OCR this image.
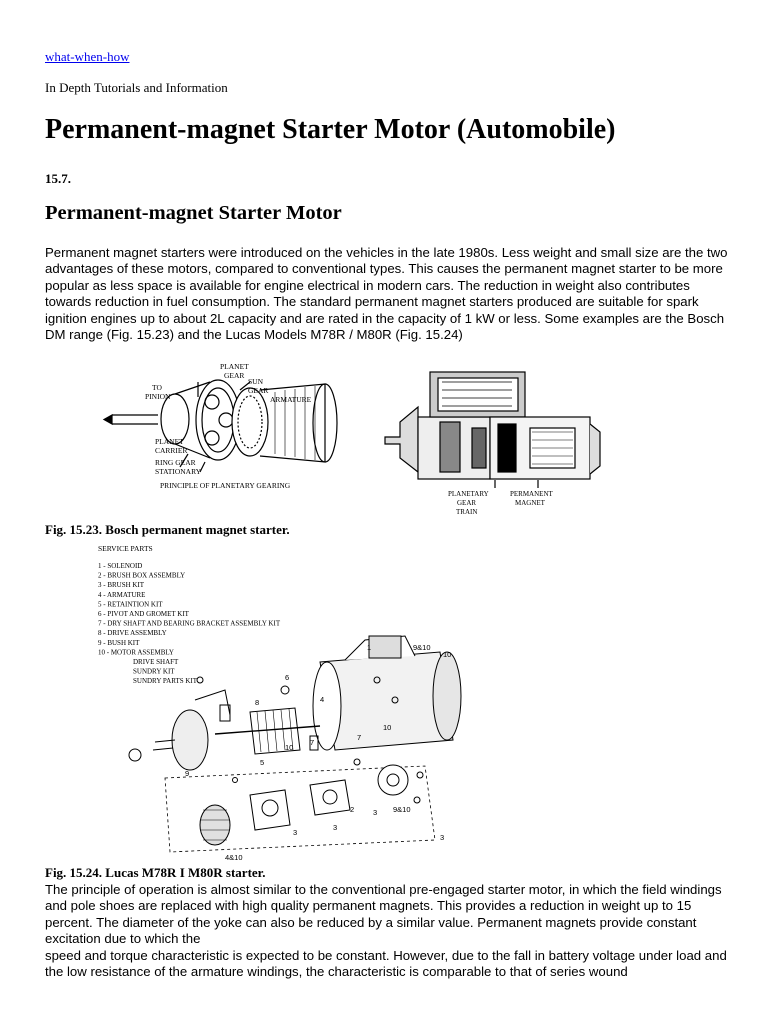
what-when-how
In Depth Tutorials and Information
Permanent-magnet Starter Motor (Automobile)
15.7.
Permanent-magnet Starter Motor

Permanent magnet starters were introduced on the vehicles in the late 1980s. Less weight and small size are the two advantages of these motors, compared to conventional types. This causes the permanent magnet starter to be more popular as less space is available for engine electrical in modern cars. The reduction in weight also contributes towards reduction in fuel consumption. The standard permanent magnet starters produced are suitable for spark ignition engines up to about 2L capacity and are rated in the capacity of 1 kW or less. Some examples are the Bosch DM range (Fig. 15.23) and the Lucas Models M78R / M80R (Fig. 15.24)

TO
PINION
PLANET
GEAR
SUN
GEAR
ARMATURE
PLANET
CARRIER
RING GEAR
STATIONARY
PRINCIPLE OF PLANETARY GEARING
PLANETARY
GEAR
TRAIN
PERMANENT
MAGNET
Fig. 15.23. Bosch permanent magnet starter.
SERVICE PARTS
1 - SOLENOID
2 - BRUSH BOX ASSEMBLY
3 - BRUSH KIT
4 - ARMATURE
5 - RETAINTION KIT
6 - PIVOT AND GROMET KIT
7 - DRY SHAFT AND BEARING BRACKET ASSEMBLY KIT
8 - DRIVE ASSEMBLY
9 - BUSH KIT
10 - MOTOR ASSEMBLY
DRIVE SHAFT
SUNDRY KIT
SUNDRY PARTS KIT
1	9&10
10
8
6
5
10
7
7
10
4
9
3
3
2	3 9&10
4&10
3
Fig. 15.24. Lucas M78R I M80R starter.

The principle of operation is almost similar to the conventional pre-engaged starter motor, in which the field windings and pole shoes are replaced with high quality permanent magnets. This provides a reduction in weight up to 15 percent. The diameter of the yoke can also be reduced by a similar value. Permanent magnets provide constant excitation due to which the
speed and torque characteristic is expected to be constant. However, due to the fall in battery voltage under load and the low resistance of the armature windings, the characteristic is comparable to that of series wound
